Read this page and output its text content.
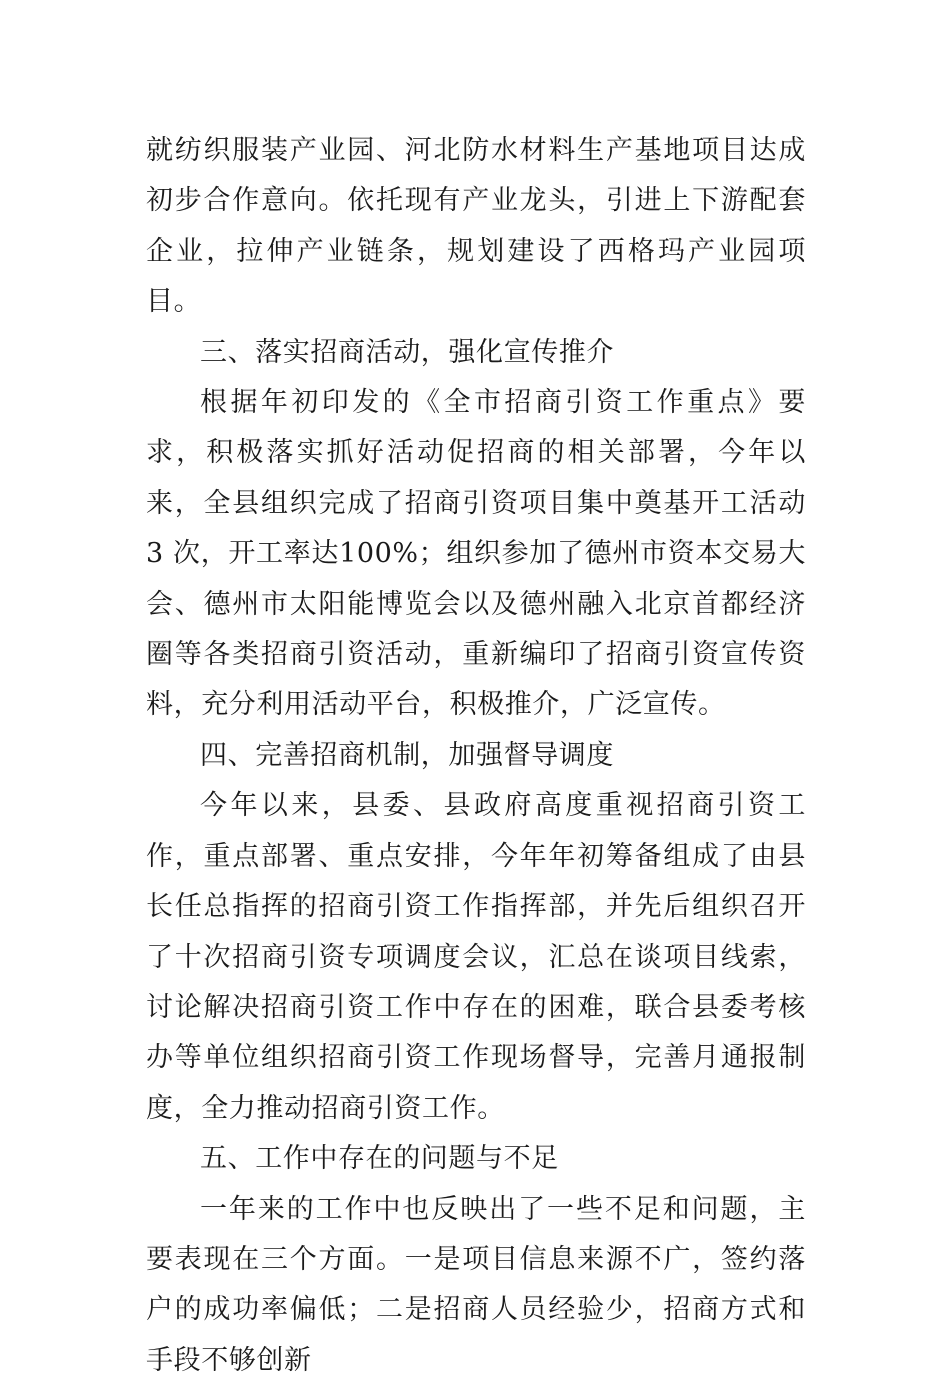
就纺织服装产业园、河北防水材料生产基地项目达成初步合作意向。依托现有产业龙头，引进上下游配套企业，拉伸产业链条，规划建设了西格玛产业园项目。

三、落实招商活动，强化宣传推介

根据年初印发的《全市招商引资工作重点》要求，积极落实抓好活动促招商的相关部署，今年以来，全县组织完成了招商引资项目集中奠基开工活动 3 次，开工率达100%；组织参加了德州市资本交易大会、德州市太阳能博览会以及德州融入北京首都经济圈等各类招商引资活动，重新编印了招商引资宣传资料，充分利用活动平台，积极推介，广泛宣传。

四、完善招商机制，加强督导调度

今年以来，县委、县政府高度重视招商引资工作，重点部署、重点安排，今年年初筹备组成了由县长任总指挥的招商引资工作指挥部，并先后组织召开了十次招商引资专项调度会议，汇总在谈项目线索，讨论解决招商引资工作中存在的困难，联合县委考核办等单位组织招商引资工作现场督导，完善月通报制度，全力推动招商引资工作。

五、工作中存在的问题与不足

一年来的工作中也反映出了一些不足和问题，主要表现在三个方面。一是项目信息来源不广，签约落户的成功率偏低；二是招商人员经验少，招商方式和手段不够创新
